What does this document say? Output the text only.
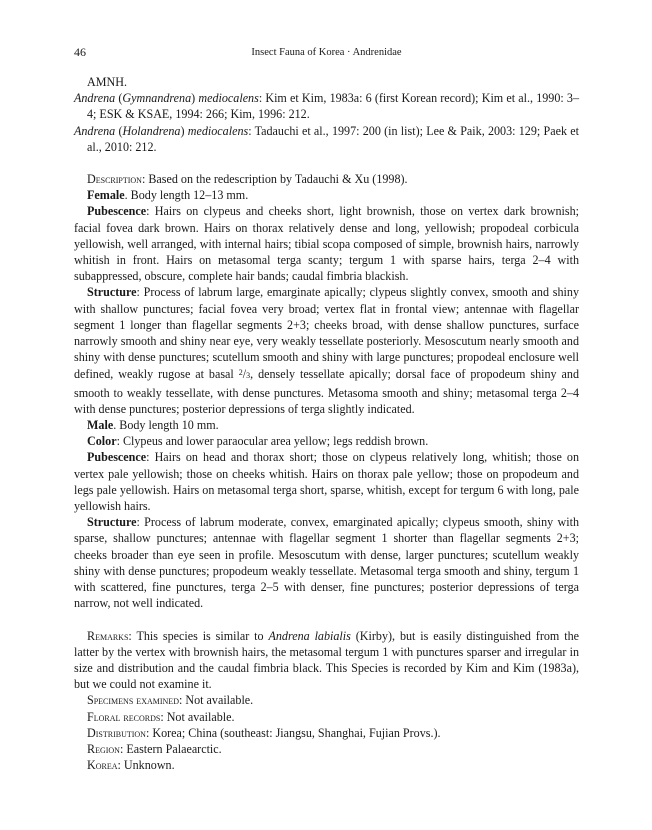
46	Insect Fauna of Korea · Andrenidae

AMNH.

Andrena (Gymnandrena) mediocalens: Kim et Kim, 1983a: 6 (first Korean record); Kim et al., 1990: 3–4; ESK & KSAE, 1994: 266; Kim, 1996: 212.

Andrena (Holandrena) mediocalens: Tadauchi et al., 1997: 200 (in list); Lee & Paik, 2003: 129; Paek et al., 2010: 212.

Description: Based on the redescription by Tadauchi & Xu (1998).

Female. Body length 12–13 mm.

Pubescence: Hairs on clypeus and cheeks short, light brownish, those on vertex dark brownish; facial fovea dark brown. Hairs on thorax relatively dense and long, yellowish; propodeal corbicula yellowish, well arranged, with internal hairs; tibial scopa composed of simple, brownish hairs, narrowly whitish in front. Hairs on metasomal terga scanty; tergum 1 with sparse hairs, terga 2–4 with subappressed, obscure, complete hair bands; caudal fimbria blackish.

Structure: Process of labrum large, emarginate apically; clypeus slightly convex, smooth and shiny with shallow punctures; facial fovea very broad; vertex flat in frontal view; antennae with flagellar segment 1 longer than flagellar segments 2+3; cheeks broad, with dense shallow punctures, surface narrowly smooth and shiny near eye, very weakly tessellate posteriorly. Mesoscutum nearly smooth and shiny with dense punctures; scutellum smooth and shiny with large punctures; propodeal enclosure well defined, weakly rugose at basal $^2$/3, densely tessellate apically; dorsal face of propodeum shiny and smooth to weakly tessellate, with dense punctures. Metasoma smooth and shiny; metasomal terga 2–4 with dense punctures; posterior depressions of terga slightly indicated.

Male. Body length 10 mm.

Color: Clypeus and lower paraocular area yellow; legs reddish brown.

Pubescence: Hairs on head and thorax short; those on clypeus relatively long, whitish; those on vertex pale yellowish; those on cheeks whitish. Hairs on thorax pale yellow; those on propodeum and legs pale yellowish. Hairs on metasomal terga short, sparse, whitish, except for tergum 6 with long, pale yellowish hairs.

Structure: Process of labrum moderate, convex, emarginated apically; clypeus smooth, shiny with sparse, shallow punctures; antennae with flagellar segment 1 shorter than flagellar segments 2+3; cheeks broader than eye seen in profile. Mesoscutum with dense, larger punctures; scutellum weakly shiny with dense punctures; propodeum weakly tessellate. Metasomal terga smooth and shiny, tergum 1 with scattered, fine punctures, terga 2–5 with denser, fine punctures; posterior depressions of terga narrow, not well indicated.

Remarks: This species is similar to Andrena labialis (Kirby), but is easily distinguished from the latter by the vertex with brownish hairs, the metasomal tergum 1 with punctures sparser and irregular in size and distribution and the caudal fimbria black. This Species is recorded by Kim and Kim (1983a), but we could not examine it.

Specimens examined: Not available.

Floral records: Not available.

Distribution: Korea; China (southeast: Jiangsu, Shanghai, Fujian Provs.).

Region: Eastern Palaearctic.

Korea: Unknown.
